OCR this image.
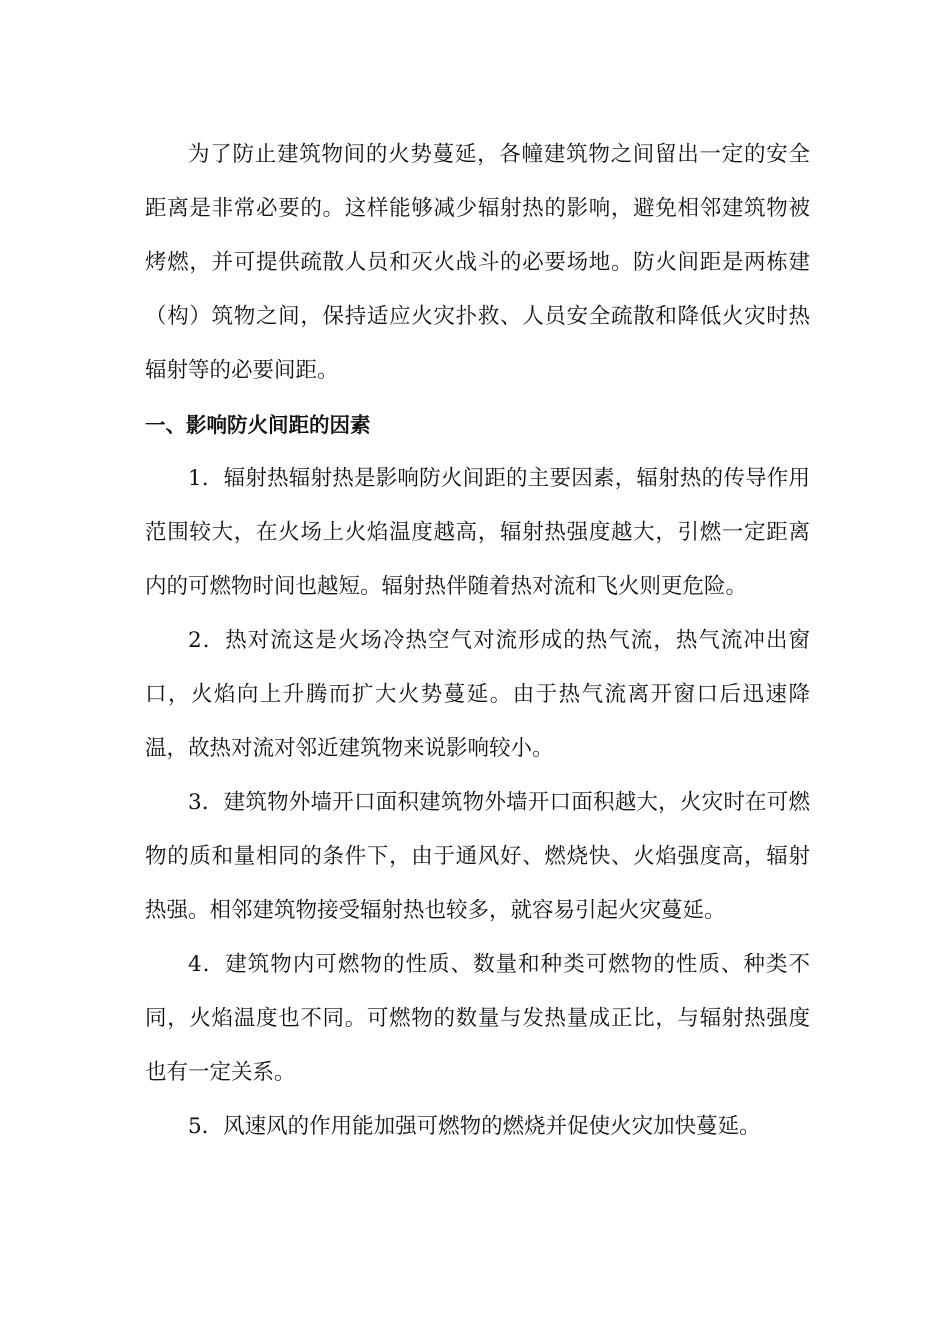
为了防止建筑物间的火势蔓延，各幢建筑物之间留出一定的安全距离是非常必要的。这样能够减少辐射热的影响，避免相邻建筑物被烤燃，并可提供疏散人员和灭火战斗的必要场地。防火间距是两栋建（构）筑物之间，保持适应火灾扑救、人员安全疏散和降低火灾时热辐射等的必要间距。

一、影响防火间距的因素

1．辐射热辐射热是影响防火间距的主要因素，辐射热的传导作用范围较大，在火场上火焰温度越高，辐射热强度越大，引燃一定距离内的可燃物时间也越短。辐射热伴随着热对流和飞火则更危险。

2．热对流这是火场冷热空气对流形成的热气流，热气流冲出窗口，火焰向上升腾而扩大火势蔓延。由于热气流离开窗口后迅速降温，故热对流对邻近建筑物来说影响较小。

3．建筑物外墙开口面积建筑物外墙开口面积越大，火灾时在可燃物的质和量相同的条件下，由于通风好、燃烧快、火焰强度高，辐射热强。相邻建筑物接受辐射热也较多，就容易引起火灾蔓延。

4．建筑物内可燃物的性质、数量和种类可燃物的性质、种类不同，火焰温度也不同。可燃物的数量与发热量成正比，与辐射热强度也有一定关系。

5．风速风的作用能加强可燃物的燃烧并促使火灾加快蔓延。
